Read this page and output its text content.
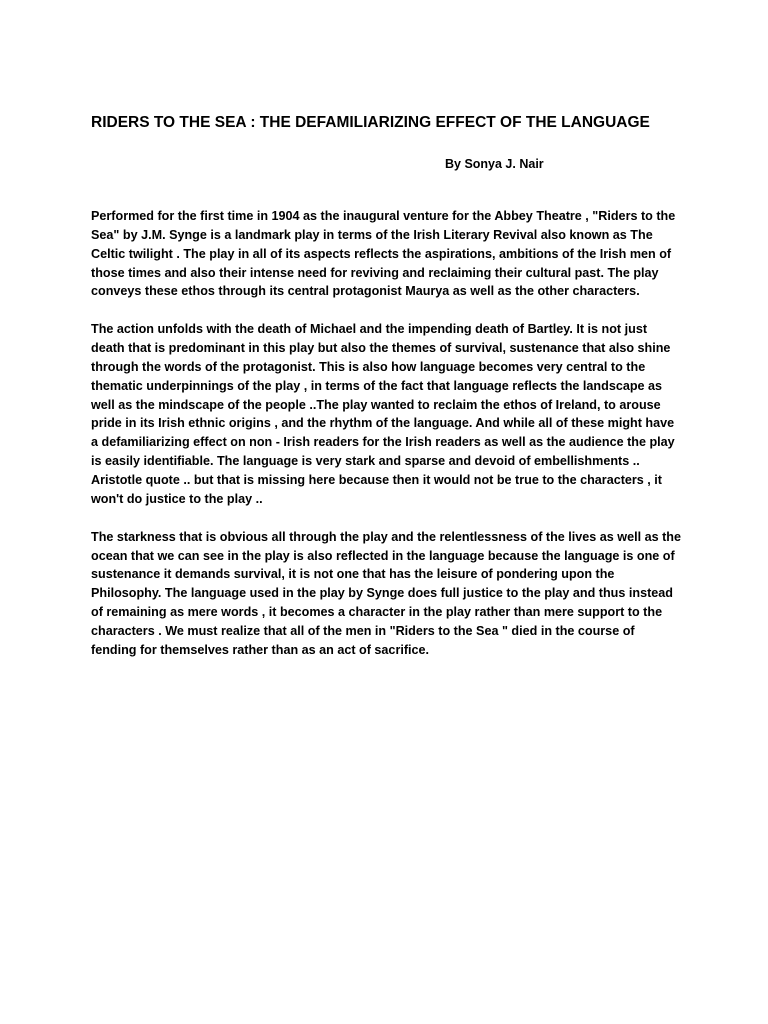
RIDERS TO THE SEA : THE DEFAMILIARIZING EFFECT OF THE LANGUAGE
By Sonya J. Nair

Performed for the first time in 1904 as the inaugural venture for the Abbey Theatre , "Riders to the Sea" by J.M. Synge is a landmark play in terms of the Irish Literary Revival also known as The Celtic twilight . The play in all of its aspects reflects the aspirations, ambitions of the Irish men of those times and also their intense need for reviving and reclaiming their cultural past. The play conveys these ethos through its central protagonist Maurya as well as the other characters.

The action unfolds with the death of Michael and the impending death of Bartley. It is not just death that is predominant in this play but also the themes of survival, sustenance that also shine through the words of the protagonist. This is also how language becomes very central to the thematic underpinnings of the play , in terms of the fact that language reflects the landscape as well as the mindscape of the people ..The play wanted to reclaim the ethos of Ireland, to arouse pride in its Irish ethnic origins , and the rhythm of the language. And while all of these might have a defamiliarizing effect on non - Irish readers for the Irish readers as well as the audience the play is easily identifiable. The language is very stark and sparse and devoid of embellishments .. Aristotle quote .. but that is missing here because then it would not be true to the characters , it won't do justice to the play ..

The starkness that is obvious all through the play and the relentlessness of the lives as well as the ocean that we can see in the play is also reflected in the language because the language is one of sustenance it demands survival, it is not one that has the leisure of pondering upon the Philosophy. The language used in the play by Synge does full justice to the play and thus instead of remaining as mere words , it becomes a character in the play rather than mere support to the characters . We must realize that all of the men in "Riders to the Sea " died in the course of fending for themselves rather than as an act of sacrifice.
